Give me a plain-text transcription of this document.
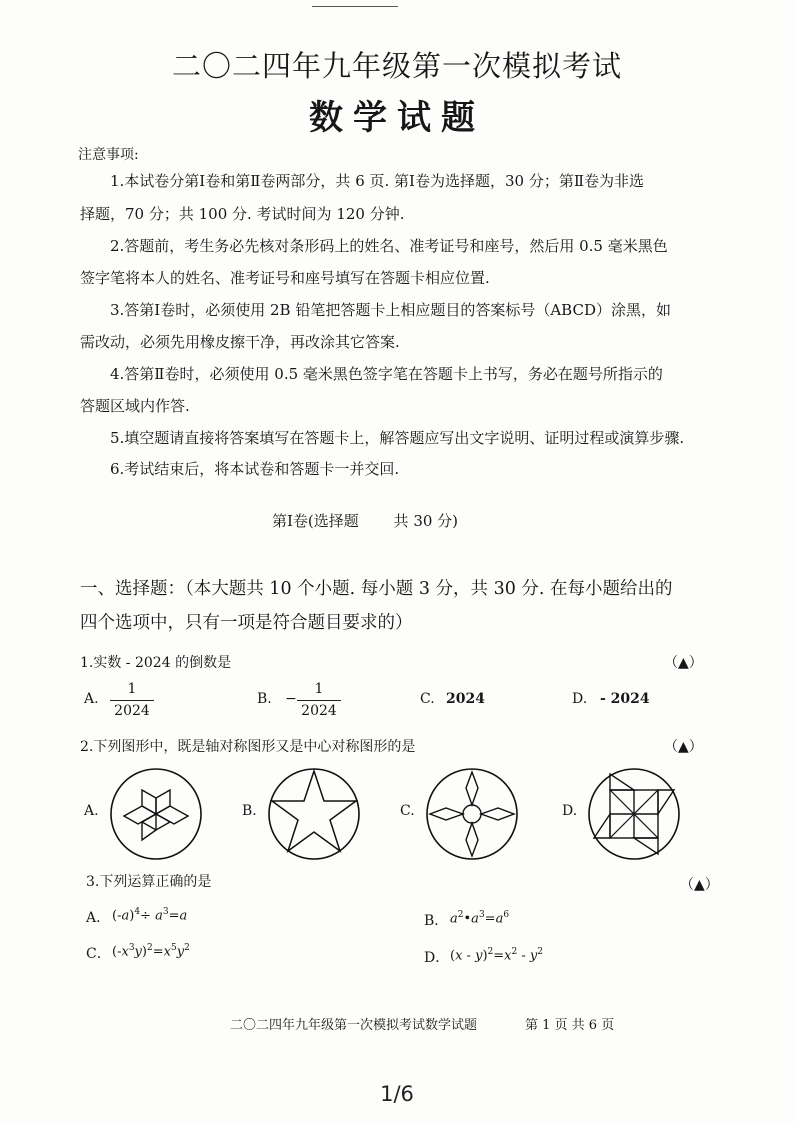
二〇二四年九年级第一次模拟考试
数学试题
注意事项:
1.本试卷分第Ⅰ卷和第Ⅱ卷两部分，共 6 页. 第Ⅰ卷为选择题，30 分；第Ⅱ卷为非选
择题，70 分；共 100 分. 考试时间为 120 分钟.
2.答题前，考生务必先核对条形码上的姓名、准考证号和座号，然后用 0.5 毫米黑色
签字笔将本人的姓名、准考证号和座号填写在答题卡相应位置.
3.答第Ⅰ卷时，必须使用 2B 铅笔把答题卡上相应题目的答案标号（ABCD）涂黑，如
需改动，必须先用橡皮擦干净，再改涂其它答案.
4.答第Ⅱ卷时，必须使用 0.5 毫米黑色签字笔在答题卡上书写，务必在题号所指示的
答题区域内作答.
5.填空题请直接将答案填写在答题卡上，解答题应写出文字说明、证明过程或演算步骤.
6.考试结束后，将本试卷和答题卡一并交回.
第Ⅰ卷(选择题　　 共 30 分)
一、选择题：（本大题共 10 个小题. 每小题 3 分，共 30 分. 在每小题给出的
四个选项中，只有一项是符合题目要求的）
1.实数 - 2024 的倒数是	（▲）
A.
1
2024
B. −
1
2024
C. 2024	D. - 2024
2.下列图形中，既是轴对称图形又是中心对称图形的是	（▲）
A.	B.	C.	D.
3.下列运算正确的是	（▲）
A． $(-a)^4\div a^3=a$	B． $a^2•a^3=a^6$
C． $(-x^3y)^2=x^5y^2$
D． $(x - y)^2=x^2 - y^2$
二〇二四年九年级第一次模拟考试数学试题	第 1 页 共 6 页
1/6
